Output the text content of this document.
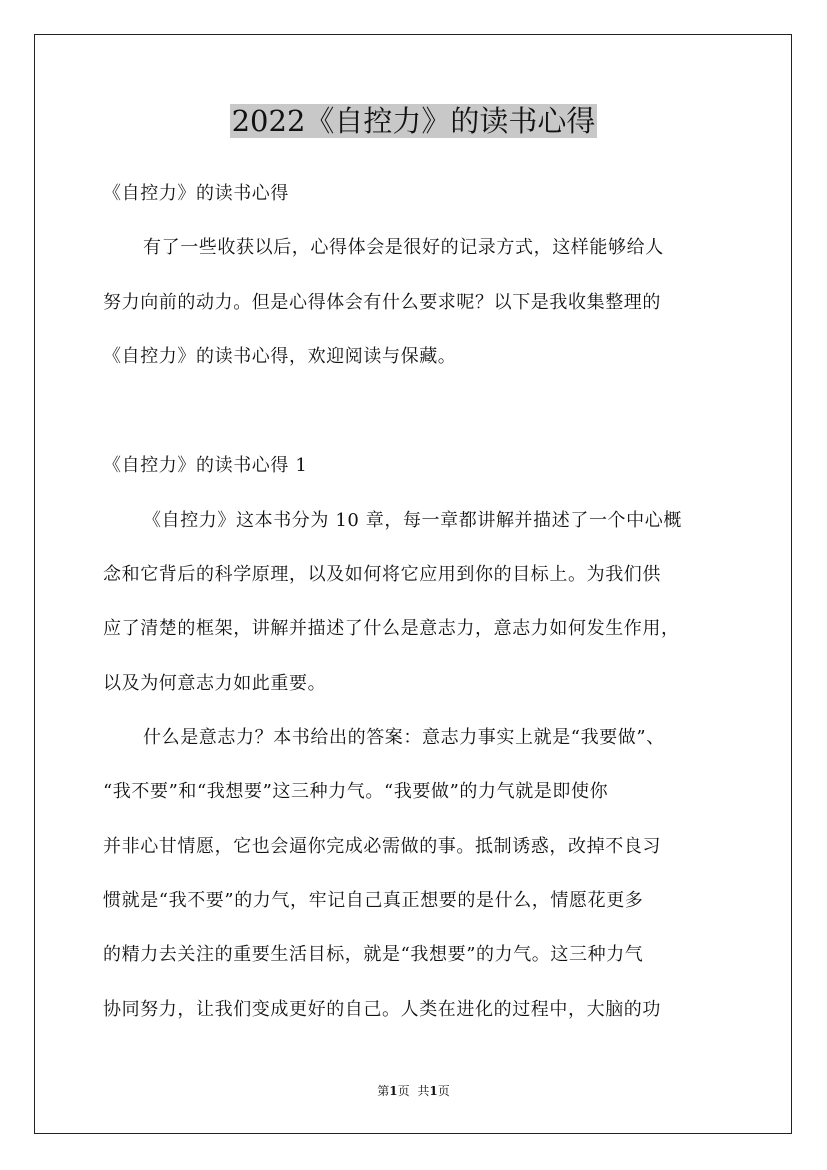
2022《自控力》的读书心得
《自控力》的读书心得
有了一些收获以后，心得体会是很好的记录方式，这样能够给人
努力向前的动力。但是心得体会有什么要求呢？以下是我收集整理的
《自控力》的读书心得，欢迎阅读与保藏。
《自控力》的读书心得 1
《自控力》这本书分为 10 章，每一章都讲解并描述了一个中心概
念和它背后的科学原理，以及如何将它应用到你的目标上。为我们供
应了清楚的框架，讲解并描述了什么是意志力，意志力如何发生作用，
以及为何意志力如此重要。
什么是意志力？本书给出的答案：意志力事实上就是“我要做”、
“我不要”和“我想要”这三种力气。“我要做”的力气就是即使你
并非心甘情愿，它也会逼你完成必需做的事。抵制诱惑，改掉不良习
惯就是“我不要”的力气，牢记自己真正想要的是什么，情愿花更多
的精力去关注的重要生活目标，就是“我想要”的力气。这三种力气
协同努力，让我们变成更好的自己。人类在进化的过程中，大脑的功
第1页 共1页
